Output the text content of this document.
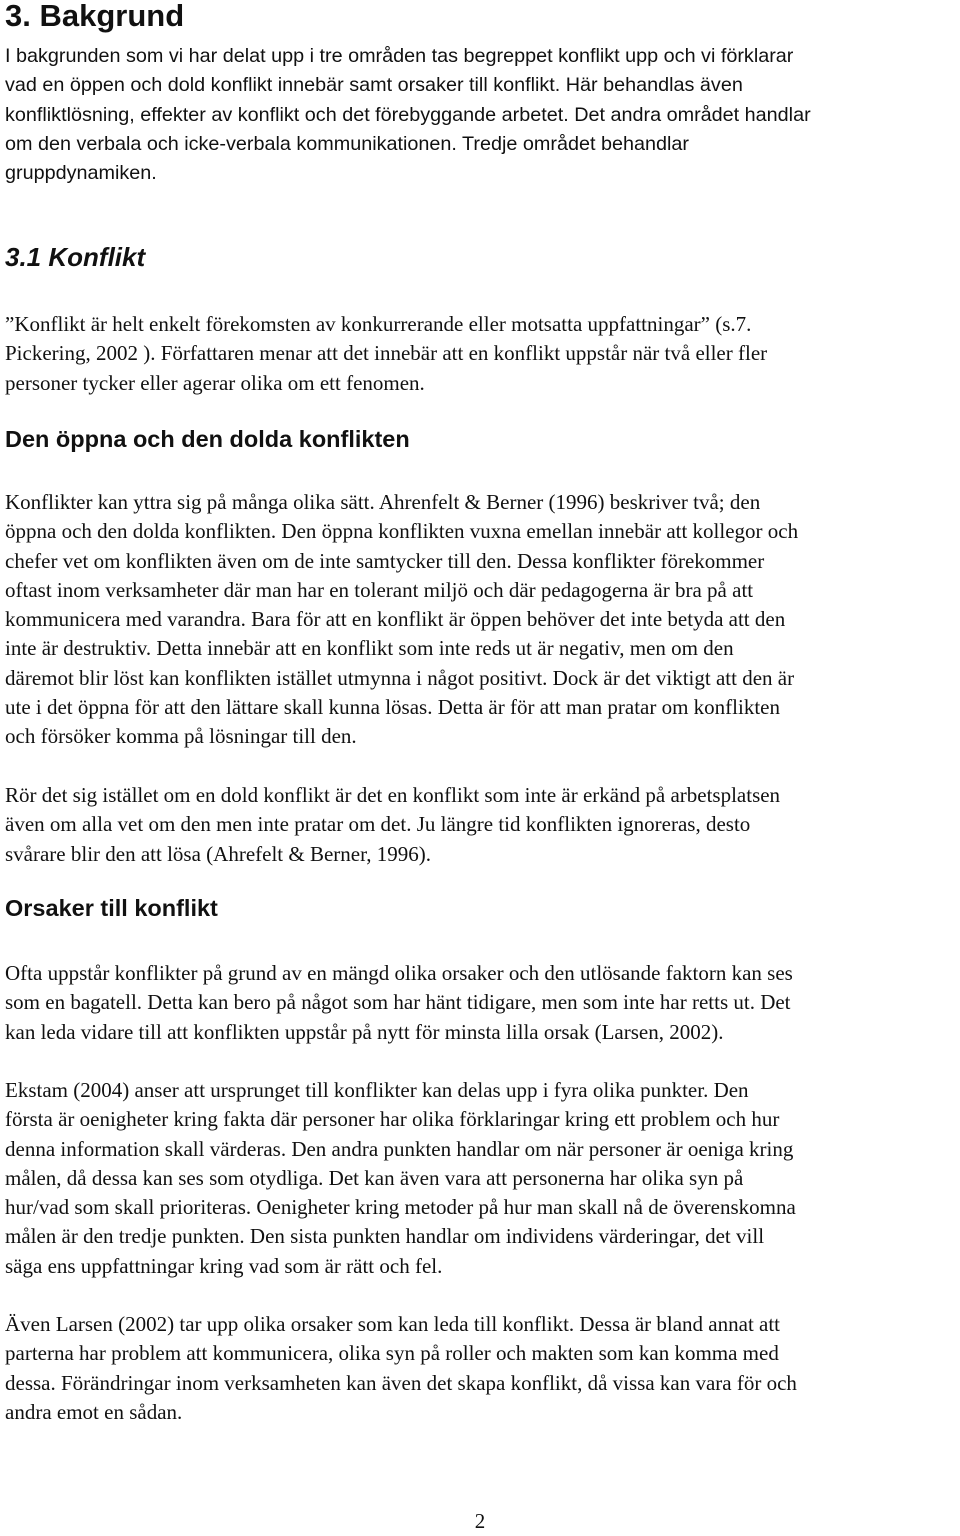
3. Bakgrund
I bakgrunden som vi har delat upp i tre områden tas begreppet konflikt upp och vi förklarar
vad en öppen och dold konflikt innebär samt orsaker till konflikt. Här behandlas även
konfliktlösning, effekter av konflikt och det förebyggande arbetet. Det andra området handlar
om den verbala och icke-verbala kommunikationen. Tredje området behandlar
gruppdynamiken.
3.1 Konflikt
”Konflikt är helt enkelt förekomsten av konkurrerande eller motsatta uppfattningar” (s.7.
Pickering, 2002 ). Författaren menar att det innebär att en konflikt uppstår när två eller fler
personer tycker eller agerar olika om ett fenomen.
Den öppna och den dolda konflikten
Konflikter kan yttra sig på många olika sätt. Ahrenfelt & Berner (1996) beskriver två; den
öppna och den dolda konflikten. Den öppna konflikten vuxna emellan innebär att kollegor och
chefer vet om konflikten även om de inte samtycker till den. Dessa konflikter förekommer
oftast inom verksamheter där man har en tolerant miljö och där pedagogerna är bra på att
kommunicera med varandra. Bara för att en konflikt är öppen behöver det inte betyda att den
inte är destruktiv. Detta innebär att en konflikt som inte reds ut är negativ, men om den
däremot blir löst kan konflikten istället utmynna i något positivt. Dock är det viktigt att den är
ute i det öppna för att den lättare skall kunna lösas. Detta är för att man pratar om konflikten
och försöker komma på lösningar till den.
Rör det sig istället om en dold konflikt är det en konflikt som inte är erkänd på arbetsplatsen
även om alla vet om den men inte pratar om det. Ju längre tid konflikten ignoreras, desto
svårare blir den att lösa (Ahrefelt & Berner, 1996).
Orsaker till konflikt
Ofta uppstår konflikter på grund av en mängd olika orsaker och den utlösande faktorn kan ses
som en bagatell. Detta kan bero på något som har hänt tidigare, men som inte har retts ut. Det
kan leda vidare till att konflikten uppstår på nytt för minsta lilla orsak (Larsen, 2002).
Ekstam (2004) anser att ursprunget till konflikter kan delas upp i fyra olika punkter. Den
första är oenigheter kring fakta där personer har olika förklaringar kring ett problem och hur
denna information skall värderas. Den andra punkten handlar om när personer är oeniga kring
målen, då dessa kan ses som otydliga. Det kan även vara att personerna har olika syn på
hur/vad som skall prioriteras. Oenigheter kring metoder på hur man skall nå de överenskomna
målen är den tredje punkten. Den sista punkten handlar om individens värderingar, det vill
säga ens uppfattningar kring vad som är rätt och fel.
Även Larsen (2002) tar upp olika orsaker som kan leda till konflikt. Dessa är bland annat att
parterna har problem att kommunicera, olika syn på roller och makten som kan komma med
dessa. Förändringar inom verksamheten kan även det skapa konflikt, då vissa kan vara för och
andra emot en sådan.
2
